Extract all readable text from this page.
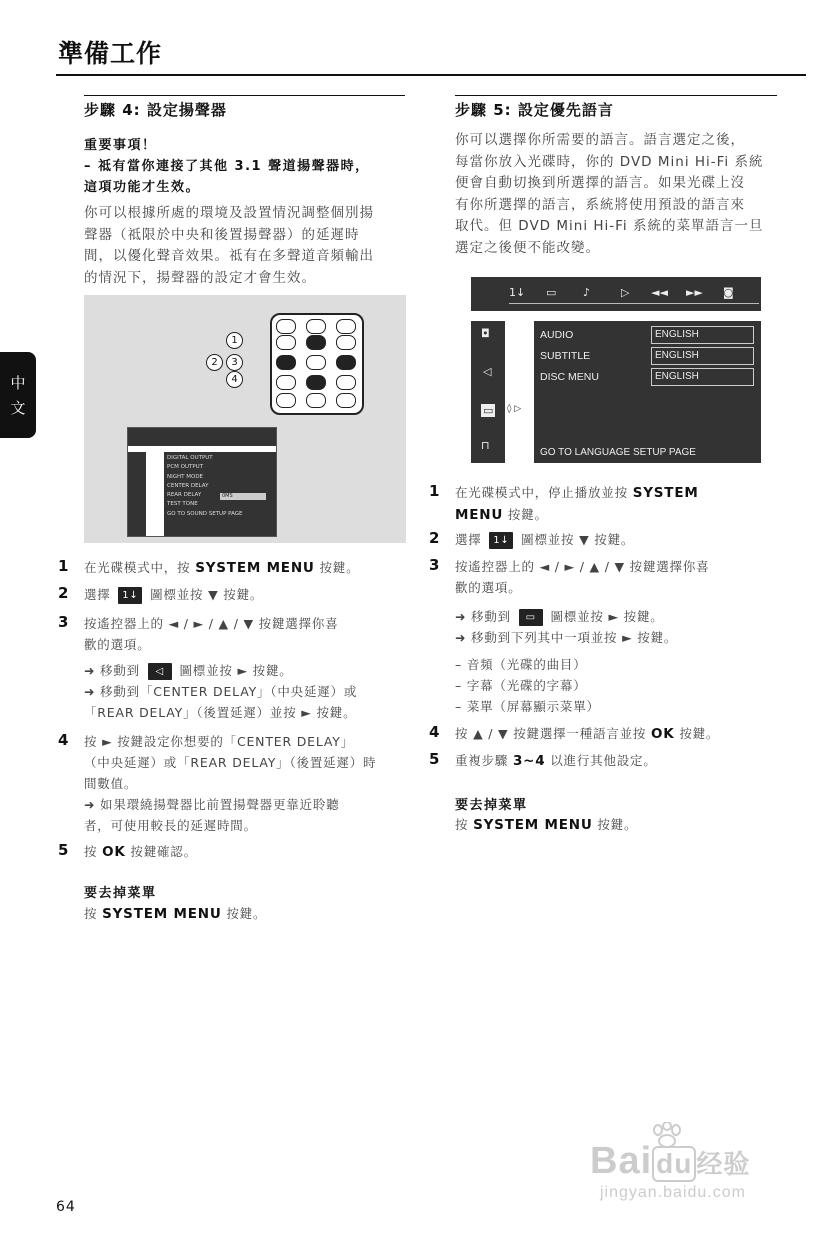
準備工作
中
文
步驟 4: 設定揚聲器
重要事項！
– 祗有當你連接了其他 3.1 聲道揚聲器時，
這項功能才生效。
你可以根據所處的環境及設置情況調整個別揚
聲器（祗限於中央和後置揚聲器）的延遲時
間，以優化聲音效果。祗有在多聲道音頻輸出
的情況下，揚聲器的設定才會生效。
1
2	3
4
DIGITAL OUTPUT
PCM OUTPUT
NIGHT MODE
CENTER DELAY
REAR DELAY
TEST TONE
GO TO SOUND SETUP PAGE
0MS
1 在光碟模式中，按 SYSTEM MENU 按鍵。
2 選擇 1↓ 圖標並按 ▼ 按鍵。
3 按遙控器上的 ◄ / ► / ▲ / ▼ 按鍵選擇你喜
歡的選項。
➜ 移動到 ◁ 圖標並按 ► 按鍵。
➜ 移動到「CENTER DELAY」（中央延遲）或
「REAR DELAY」（後置延遲）並按 ► 按鍵。
4 按 ► 按鍵設定你想要的「CENTER DELAY」
（中央延遲）或「REAR DELAY」（後置延遲）時
間數值。
➜ 如果環繞揚聲器比前置揚聲器更靠近聆聽
者，可使用較長的延遲時間。
5 按 OK 按鍵確認。
要去掉菜單
按 SYSTEM MENU 按鍵。
步驟 5: 設定優先語言
你可以選擇你所需要的語言。語言選定之後，
每當你放入光碟時，你的 DVD Mini Hi-Fi 系統
便會自動切換到所選擇的語言。如果光碟上沒
有你所選擇的語言，系統將使用預設的語言來
取代。但 DVD Mini Hi-Fi 系統的菜單語言一旦
選定之後便不能改變。
1↓ ▭ ♪	▷ ◄◄ ►► ◙
◘
◁
▭
⊓
◊ ▷
AUDIO	ENGLISH
SUBTITLE	ENGLISH
DISC MENU	ENGLISH
GO TO LANGUAGE SETUP PAGE
1 在光碟模式中，停止播放並按 SYSTEM
MENU 按鍵。
2 選擇 1↓ 圖標並按 ▼ 按鍵。
3 按遙控器上的 ◄ / ► / ▲ / ▼ 按鍵選擇你喜
歡的選項。
➜ 移動到 ▭ 圖標並按 ► 按鍵。
➜ 移動到下列其中一項並按 ► 按鍵。
– 音頻（光碟的曲目）
– 字幕（光碟的字幕）
– 菜單（屏幕顯示菜單）
4 按 ▲ / ▼ 按鍵選擇一種語言並按 OK 按鍵。
5 重複步驟 3~4 以進行其他設定。
要去掉菜單
按 SYSTEM MENU 按鍵。
64
Bai du 经验
jingyan.baidu.com
